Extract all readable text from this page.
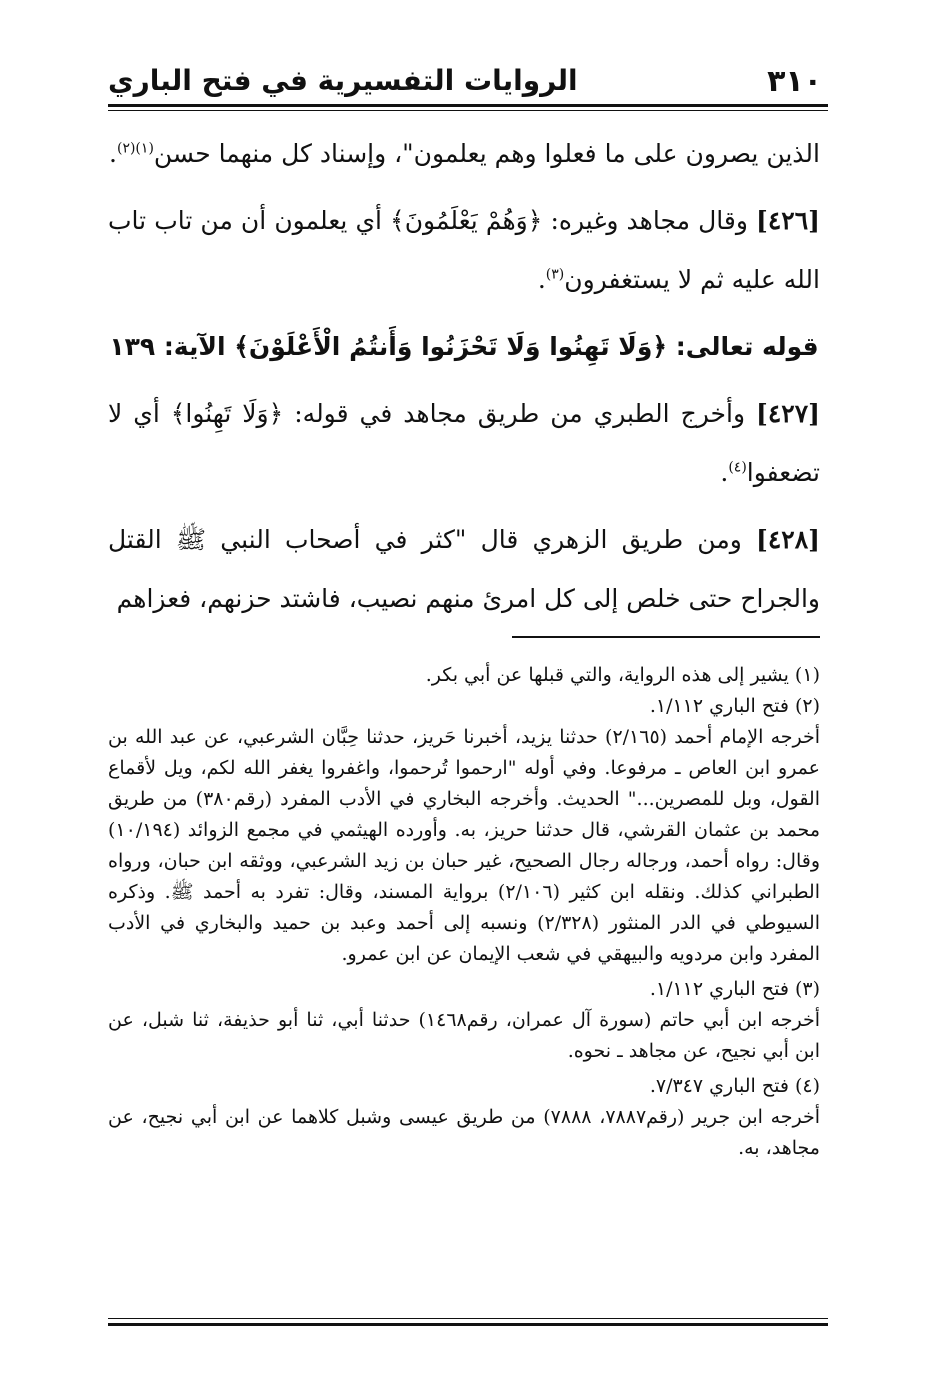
٣١٠
الروايات التفسيرية في فتح الباري

الذين يصرون على ما فعلوا وهم يعلمون"، وإسناد كل منهما حسن$^{(١)(٢)}$.

[٤٢٦] وقال مجاهد وغيره: ﴿وَهُمْ يَعْلَمُونَ﴾ أي يعلمون أن من تاب تاب الله عليه ثم لا يستغفرون$^{(٣)}$.

قوله تعالى: ﴿وَلَا تَهِنُوا وَلَا تَحْزَنُوا وَأَنتُمُ الْأَعْلَوْنَ﴾ الآية: ١٣٩

[٤٢٧] وأخرج الطبري من طريق مجاهد في قوله: ﴿وَلَا تَهِنُوا﴾ أي لا تضعفوا$^{(٤)}$.

[٤٢٨] ومن طريق الزهري قال "كثر في أصحاب النبي ﷺ القتل والجراح حتى خلص إلى كل امرئ منهم نصيب، فاشتد حزنهم، فعزاهم

(١) يشير إلى هذه الرواية، والتي قبلها عن أبي بكر.

(٢) فتح الباري ١/١١٢.

أخرجه الإمام أحمد (٢/١٦٥) حدثنا يزيد، أخبرنا حَريز، حدثنا حِبَّان الشرعبي، عن عبد الله بن عمرو ابن العاص ـ مرفوعا. وفي أوله "ارحموا تُرحموا، واغفروا يغفر الله لكم، ويل لأقماع القول، وبل للمصرين..." الحديث. وأخرجه البخاري في الأدب المفرد (رقم٣٨٠) من طريق محمد بن عثمان القرشي، قال حدثنا حريز، به. وأورده الهيثمي في مجمع الزوائد (١٠/١٩٤) وقال: رواه أحمد، ورجاله رجال الصحيح، غير حبان بن زيد الشرعبي، ووثقه ابن حبان، ورواه الطبراني كذلك. ونقله ابن كثير (٢/١٠٦) برواية المسند، وقال: تفرد به أحمد ﷺ. وذكره السيوطي في الدر المنثور (٢/٣٢٨) ونسبه إلى أحمد وعبد بن حميد والبخاري في الأدب المفرد وابن مردويه والبيهقي في شعب الإيمان عن ابن عمرو.

(٣) فتح الباري ١/١١٢.

أخرجه ابن أبي حاتم (سورة آل عمران، رقم١٤٦٨) حدثنا أبي، ثنا أبو حذيفة، ثنا شبل، عن ابن أبي نجيح، عن مجاهد ـ نحوه.

(٤) فتح الباري ٧/٣٤٧.

أخرجه ابن جرير (رقم٧٨٨٧، ٧٨٨٨) من طريق عيسى وشبل كلاهما عن ابن أبي نجيح، عن مجاهد، به.
